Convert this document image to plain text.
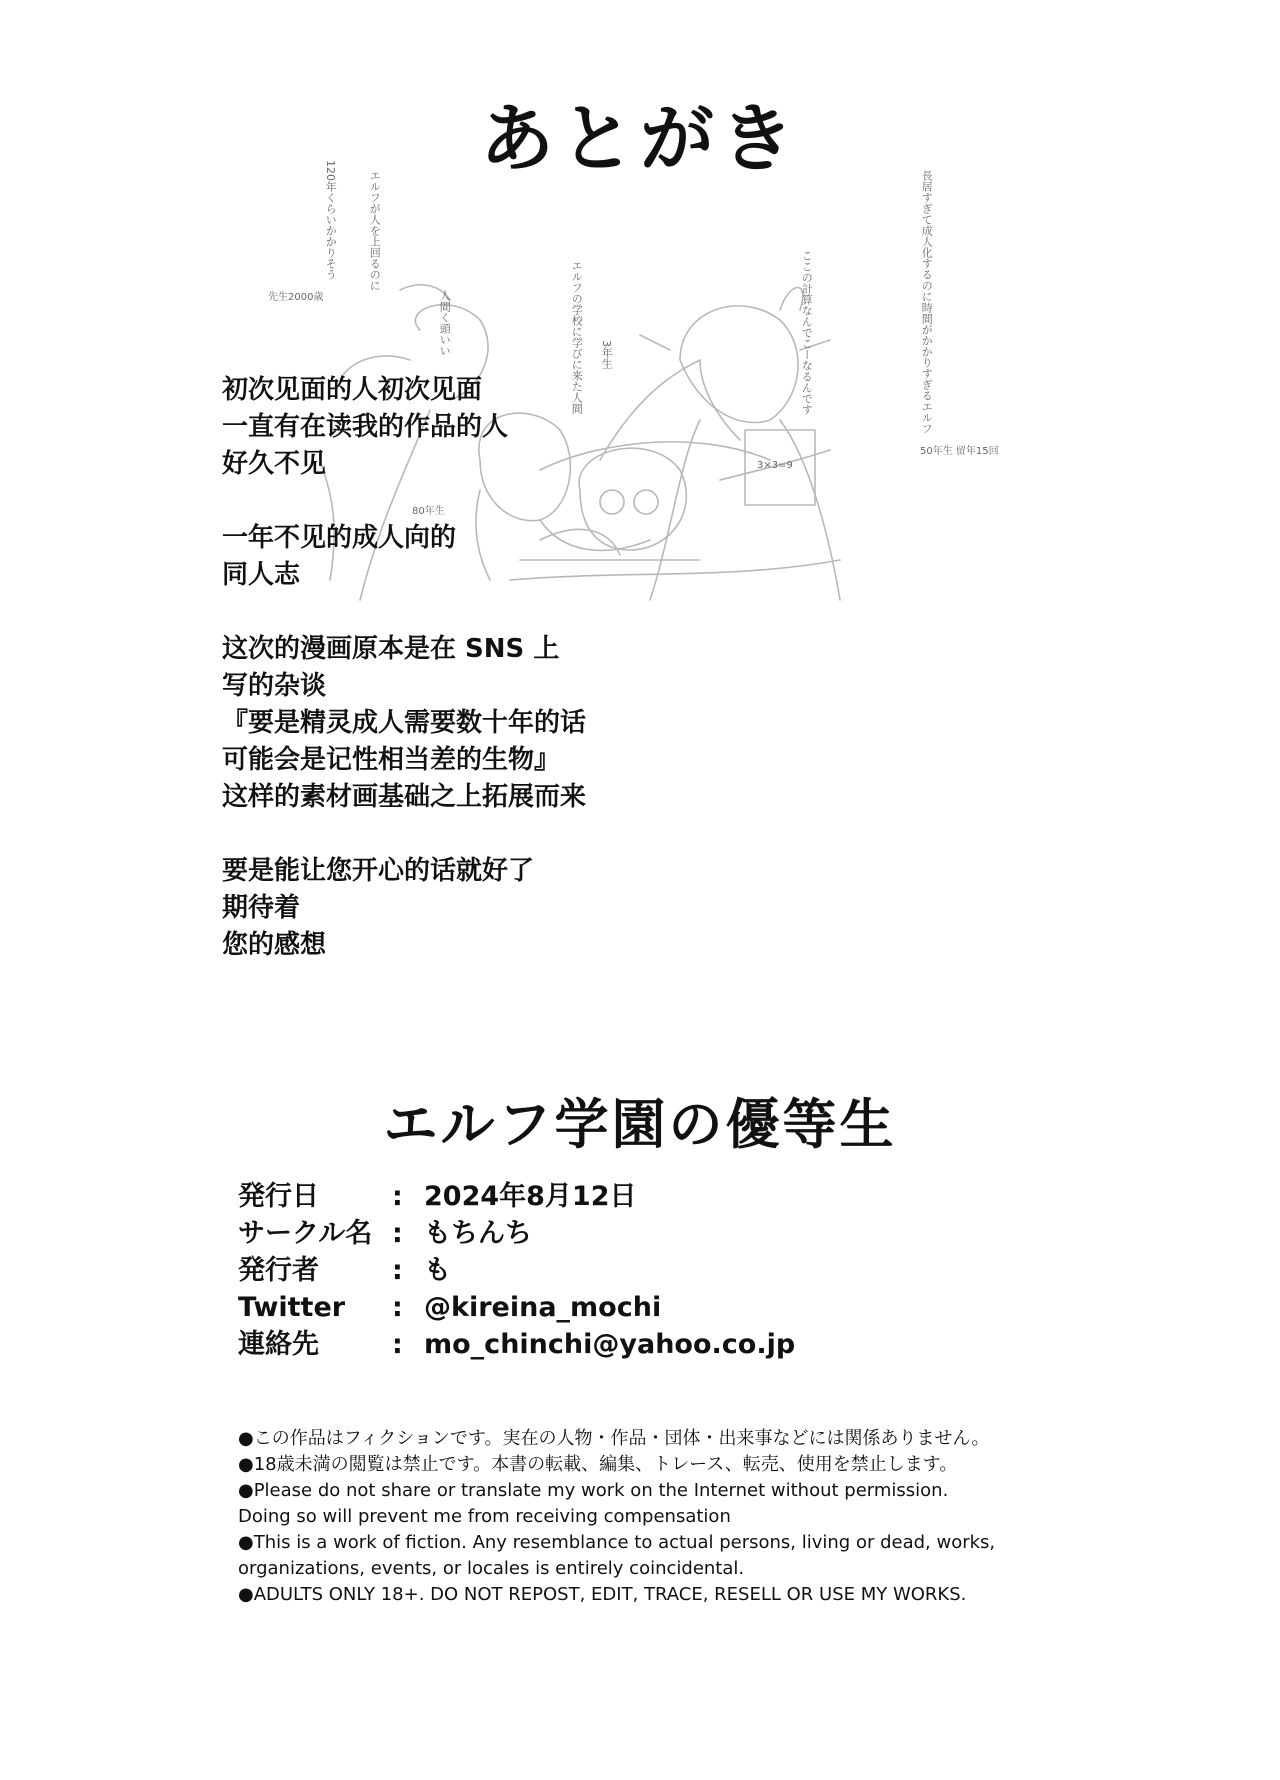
あとがき
120年くらいかかりそう	エルフが人を上回るのに
先生2000歳	人間く頭いい	エルフの学校に学びに来た人間 3年生	ここの計算なんでこーなるんです	長居すぎて成人化するのに時間がかかりすぎるエルフ
50年生 留年15回
80年生
3×3=9
初次见面的人初次见面
一直有在读我的作品的人
好久不见
一年不见的成人向的
同人志
这次的漫画原本是在 SNS 上
写的杂谈
『要是精灵成人需要数十年的话
可能会是记性相当差的生物』
这样的素材画基础之上拓展而来
要是能让您开心的话就好了
期待着
您的感想
エルフ学園の優等生
発行日	: 2024年8月12日
サークル名 : もちんち
発行者	: も
Twitter	: @kireina_mochi
連絡先	: mo_chinchi@yahoo.co.jp
●この作品はフィクションです。実在の人物・作品・団体・出来事などには関係ありません。
●18歳未満の閲覧は禁止です。本書の転載、編集、トレース、転売、使用を禁止します。
●Please do not share or translate my work on the Internet without permission.
Doing so will prevent me from receiving compensation
●This is a work of fiction. Any resemblance to actual persons, living or dead, works,
organizations, events, or locales is entirely coincidental.
●ADULTS ONLY 18+. DO NOT REPOST, EDIT, TRACE, RESELL OR USE MY WORKS.
